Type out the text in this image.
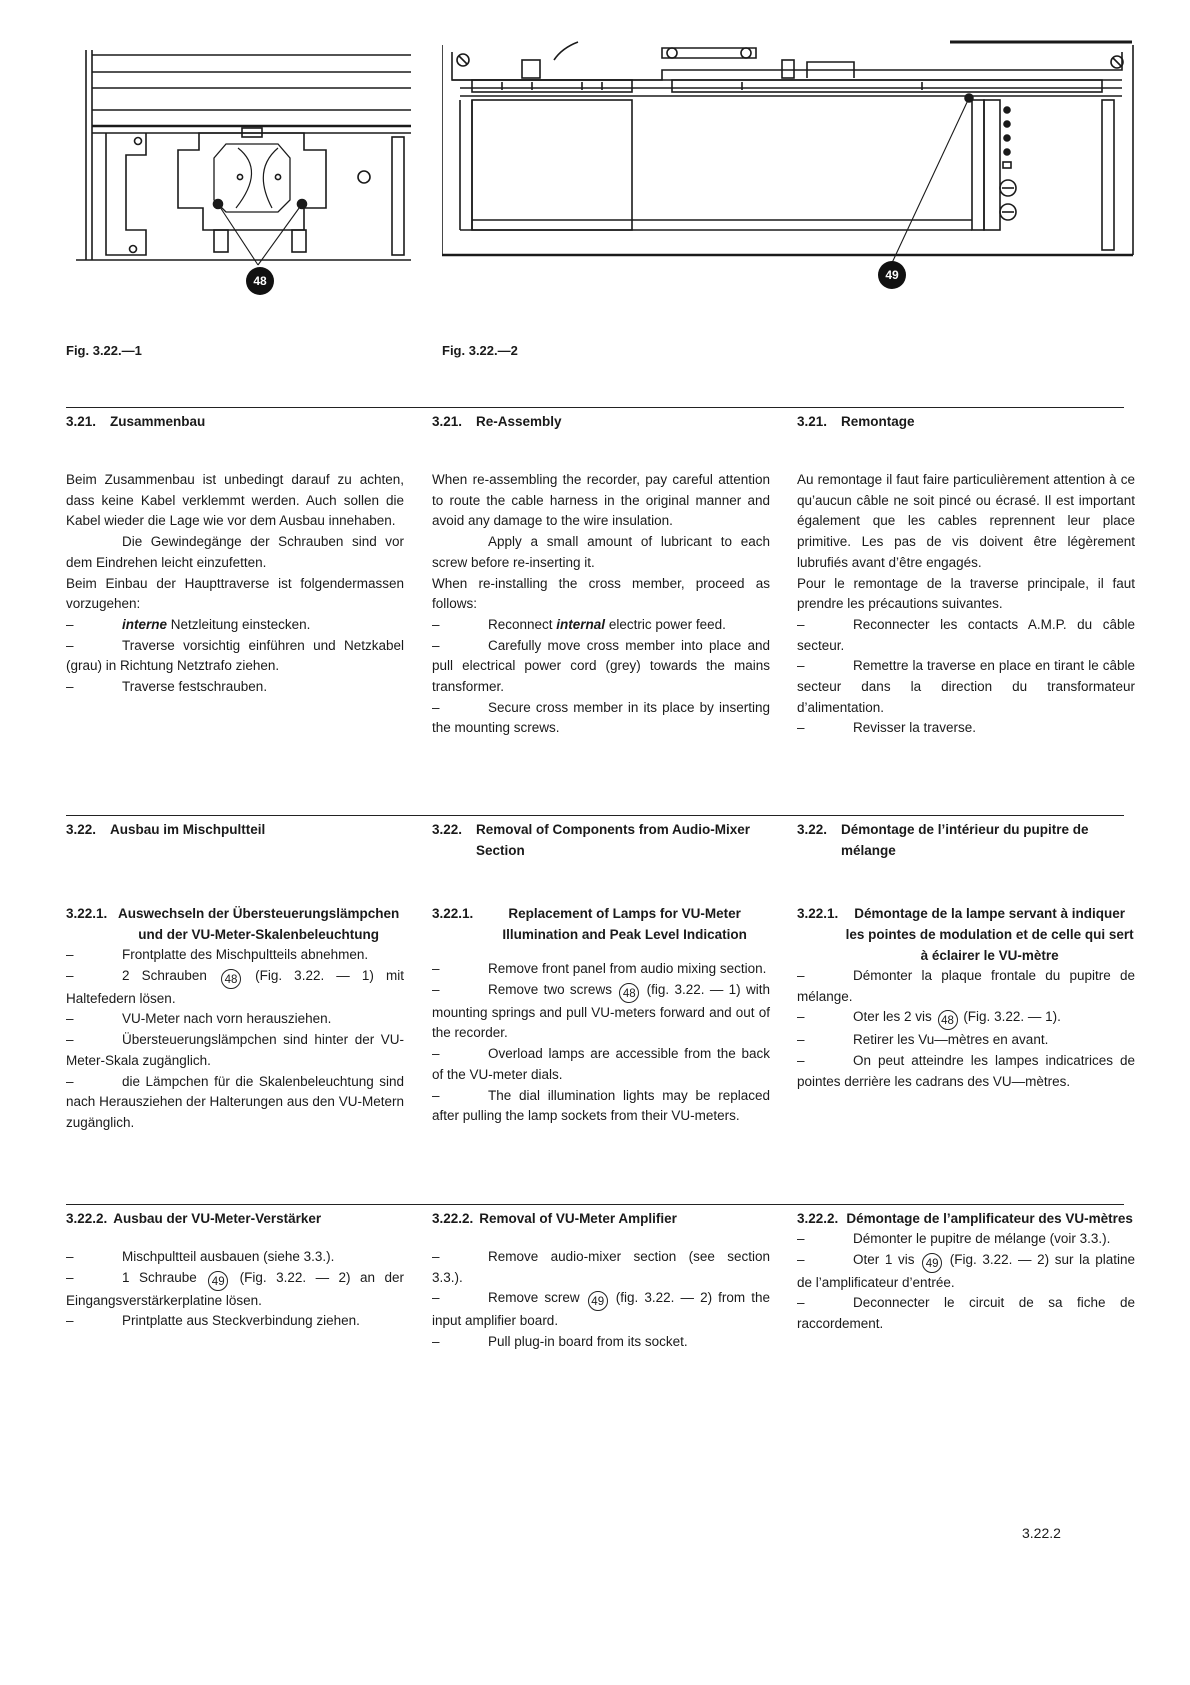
48
Fig. 3.22.—1
49
Fig. 3.22.—2
3.21. Zusammenbau
Beim Zusammenbau ist unbedingt darauf zu achten, dass keine Kabel verklemmt werden. Auch sollen die Kabel wieder die Lage wie vor dem Ausbau innehaben.
Die Gewindegänge der Schrauben sind vor dem Eindrehen leicht einzufetten.
Beim Einbau der Haupttraverse ist folgendermassen vorzugehen:
–	interne Netzleitung einstecken.
–	Traverse vorsichtig einführen und Netzkabel (grau) in Richtung Netztrafo ziehen.
–	Traverse festschrauben.
3.21. Re-Assembly
When re-assembling the recorder, pay careful attention to route the cable harness in the original manner and avoid any damage to the wire insulation.
Apply a small amount of lubricant to each screw before re-inserting it.
When re-installing the cross member, proceed as follows:
–	Reconnect internal electric power feed.
–	Carefully move cross member into place and pull electrical power cord (grey) towards the mains transformer.
–	Secure cross member in its place by inserting the mounting screws.
3.21. Remontage
Au remontage il faut faire particulièrement attention à ce qu’aucun câble ne soit pincé ou écrasé. Il est important également que les cables reprennent leur place primitive. Les pas de vis doivent être légèrement lubrufiés avant d’être engagés.
Pour le remontage de la traverse principale, il faut prendre les précautions suivantes.
–	Reconnecter les contacts A.M.P. du câble secteur.
–	Remettre la traverse en place en tirant le câble secteur dans la direction du transformateur d’alimentation.
–	Revisser la traverse.
3.22. Ausbau im Mischpultteil	3.22. Removal of Components from Audio-Mixer Section
3.22. Démontage de l’intérieur du pupitre de mélange
3.22.1. Auswechseln der Übersteuerungslämpchen und der VU-Meter-Skalenbeleuchtung
–	Frontplatte des Mischpultteils abnehmen.
–	2 Schrauben 48 (Fig. 3.22. — 1) mit Haltefedern lösen.
–	VU-Meter nach vorn herausziehen.
–	Übersteuerungslämpchen sind hinter der VU-Meter-Skala zugänglich.
–	die Lämpchen für die Skalenbeleuchtung sind nach Herausziehen der Halterungen aus den VU-Metern zugänglich.
3.22.1.	Replacement of Lamps for VU-Meter Illumination and Peak Level Indication
–	Remove front panel from audio mixing section.
–	Remove two screws 48 (fig. 3.22. — 1) with mounting springs and pull VU-meters forward and out of the recorder.
–	Overload lamps are accessible from the back of the VU-meter dials.
–	The dial illumination lights may be replaced after pulling the lamp sockets from their VU-meters.
3.22.1.	Démontage de la lampe servant à indiquer les pointes de modulation et de celle qui sert à éclairer le VU-mètre
–	Démonter la plaque frontale du pupitre de mélange.
–	Oter les 2 vis 48 (Fig. 3.22. — 1).
–	Retirer les Vu—mètres en avant.
–	On peut atteindre les lampes indicatrices de pointes derrière les cadrans des VU—mètres.
3.22.2. Ausbau der VU-Meter-Verstärker
–	Mischpultteil ausbauen (siehe 3.3.).
–	1 Schraube 49 (Fig. 3.22. — 2) an der Eingangsverstärkerplatine lösen.
–	Printplatte aus Steckverbindung ziehen.
3.22.2. Removal of VU-Meter Amplifier
–	Remove audio-mixer section (see section 3.3.).
–	Remove screw 49 (fig. 3.22. — 2) from the input amplifier board.
–	Pull plug-in board from its socket.
3.22.2. Démontage de l’amplificateur des VU-mètres
–	Démonter le pupitre de mélange (voir 3.3.).
–	Oter 1 vis 49 (Fig. 3.22. — 2) sur la platine de l’amplificateur d’entrée.
–	Deconnecter le circuit de sa fiche de raccordement.
3.22.2
